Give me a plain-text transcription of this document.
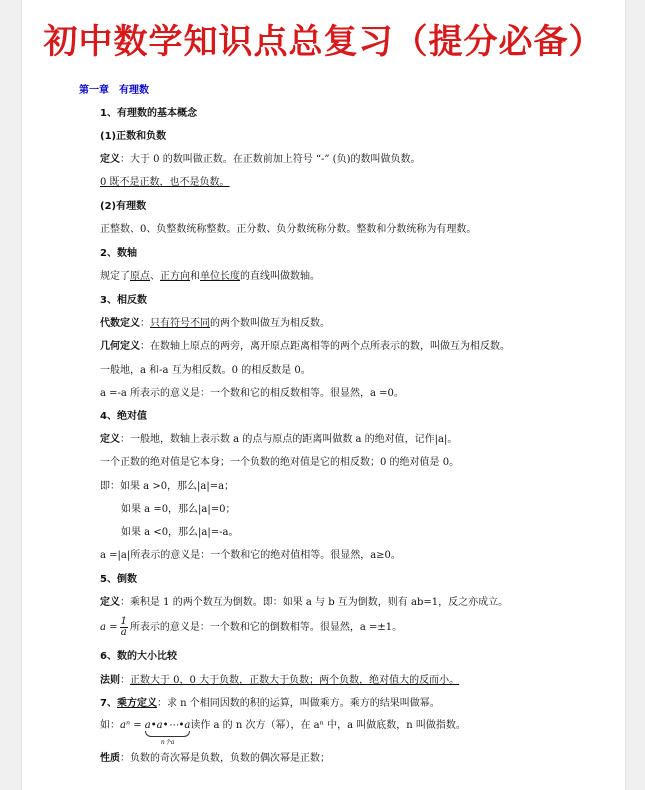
初中数学知识点总复习（提分必备）
第一章 有理数
1、有理数的基本概念
(1)正数和负数
定义：大于 0 的数叫做正数。在正数前加上符号 “-” (负)的数叫做负数。
0 既不是正数，也不是负数。
(2)有理数
正整数、0、负整数统称整数。正分数、负分数统称分数。整数和分数统称为有理数。
2、数轴
规定了原点、正方向和单位长度的直线叫做数轴。
3、相反数
代数定义：只有符号不同的两个数叫做互为相反数。
几何定义：在数轴上原点的两旁，离开原点距离相等的两个点所表示的数，叫做互为相反数。
一般地，a 和-a 互为相反数。0 的相反数是 0。
a =-a 所表示的意义是：一个数和它的相反数相等。很显然，a =0。
4、绝对值
定义：一般地，数轴上表示数 a 的点与原点的距离叫做数 a 的绝对值，记作|a|。
一个正数的绝对值是它本身；一个负数的绝对值是它的相反数；0 的绝对值是 0。
即：如果 a >0，那么|a|=a；
如果 a =0，那么|a|=0；
如果 a <0，那么|a|=-a。
a =|a|所表示的意义是：一个数和它的绝对值相等。很显然，a≥0。
5、倒数
定义：乘积是 1 的两个数互为倒数。即：如果 a 与 b 互为倒数，则有 ab=1，反之亦成立。
$a = \frac{1}{a}$ 所表示的意义是：一个数和它的倒数相等。很显然，a =±1。
6、数的大小比较
法则：正数大于 0，0 大于负数，正数大于负数；两个负数，绝对值大的反而小。
7、乘方定义：求 n 个相同因数的积的运算，叫做乘方。乘方的结果叫做幂。
如：aⁿ = a•a•⋯•a
n个a
读作 a 的 n 次方（幂），在 aⁿ 中，a 叫做底数，n 叫做指数。
性质：负数的奇次幂是负数，负数的偶次幂是正数；
